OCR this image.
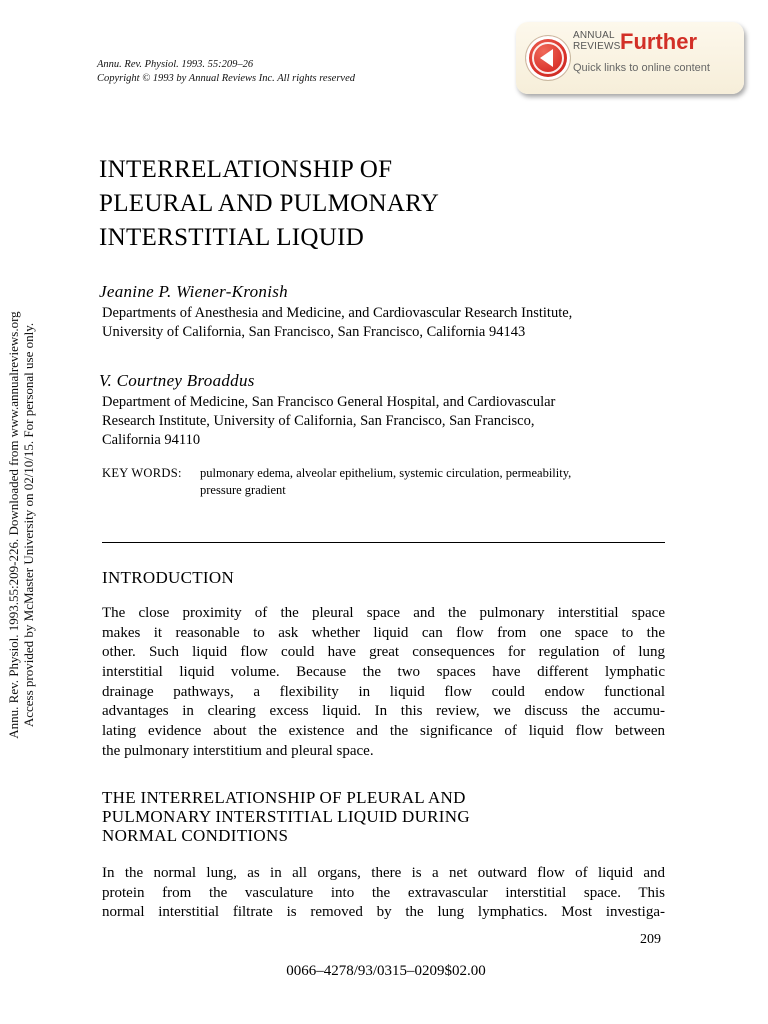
Annu. Rev. Physiol. 1993. 55:209–26
Copyright © 1993 by Annual Reviews Inc. All rights reserved
ANNUAL
REVIEWS Further
Quick links to online content
Annu. Rev. Physiol. 1993.55:209-226. Downloaded from www.annualreviews.org Access provided by McMaster University on 02/10/15. For personal use only.
INTERRELATIONSHIP OF
PLEURAL AND PULMONARY
INTERSTITIAL LIQUID
Jeanine P. Wiener-Kronish
Departments of Anesthesia and Medicine, and Cardiovascular Research Institute,
University of California, San Francisco, San Francisco, California 94143
V. Courtney Broaddus
Department of Medicine, San Francisco General Hospital, and Cardiovascular
Research Institute, University of California, San Francisco, San Francisco,
California 94110
KEY WORDS: pulmonary edema, alveolar epithelium, systemic circulation, permeability,
pressure gradient
INTRODUCTION
The close proximity of the pleural space and the pulmonary interstitial space
makes it reasonable to ask whether liquid can flow from one space to the
other. Such liquid flow could have great consequences for regulation of lung
interstitial liquid volume. Because the two spaces have different lymphatic
drainage pathways, a flexibility in liquid flow could endow functional
advantages in clearing excess liquid. In this review, we discuss the accumu-
lating evidence about the existence and the significance of liquid flow between
the pulmonary interstitium and pleural space.
THE INTERRELATIONSHIP OF PLEURAL AND
PULMONARY INTERSTITIAL LIQUID DURING
NORMAL CONDITIONS
In the normal lung, as in all organs, there is a net outward flow of liquid and
protein from the vasculature into the extravascular interstitial space. This
normal interstitial filtrate is removed by the lung lymphatics. Most investiga-
209
0066–4278/93/0315–0209$02.00
